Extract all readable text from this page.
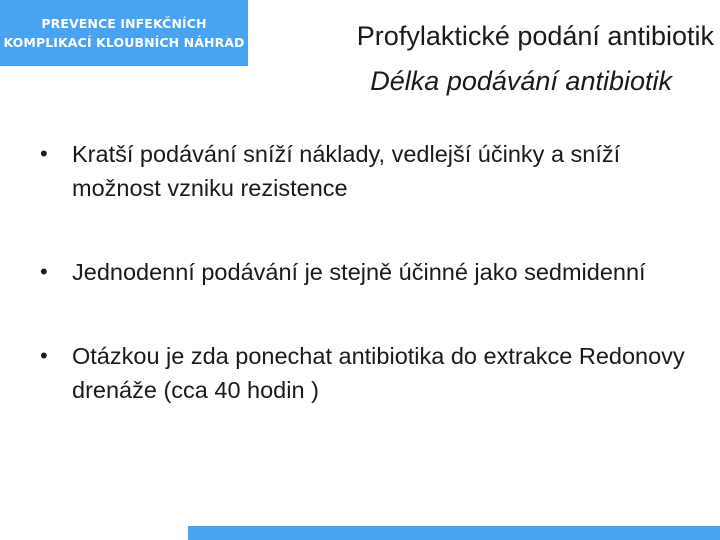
PREVENCE INFEKČNÍCH
KOMPLIKACÍ KLOUBNÍCH NÁHRAD	Profylaktické podání antibiotik
Délka podávání antibiotik
• Kratší podávání sníží náklady, vedlejší účinky a sníží možnost vzniku rezistence
• Jednodenní podávání je stejně účinné jako sedmidenní
• Otázkou je zda ponechat antibiotika do extrakce Redonovy drenáže (cca 40 hodin )
